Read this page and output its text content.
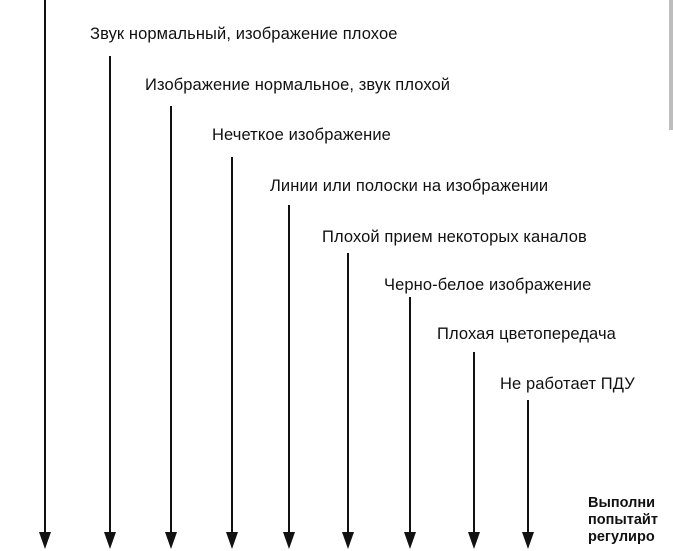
Звук нормальный, изображение плохое
Изображение нормальное, звук плохой
Нечеткое изображение
Линии или полоски на изображении
Плохой прием некоторых каналов
Черно-белое изображение
Плохая цветопередача
Не работает ПДУ
Выполни
попытайт
регулиро
